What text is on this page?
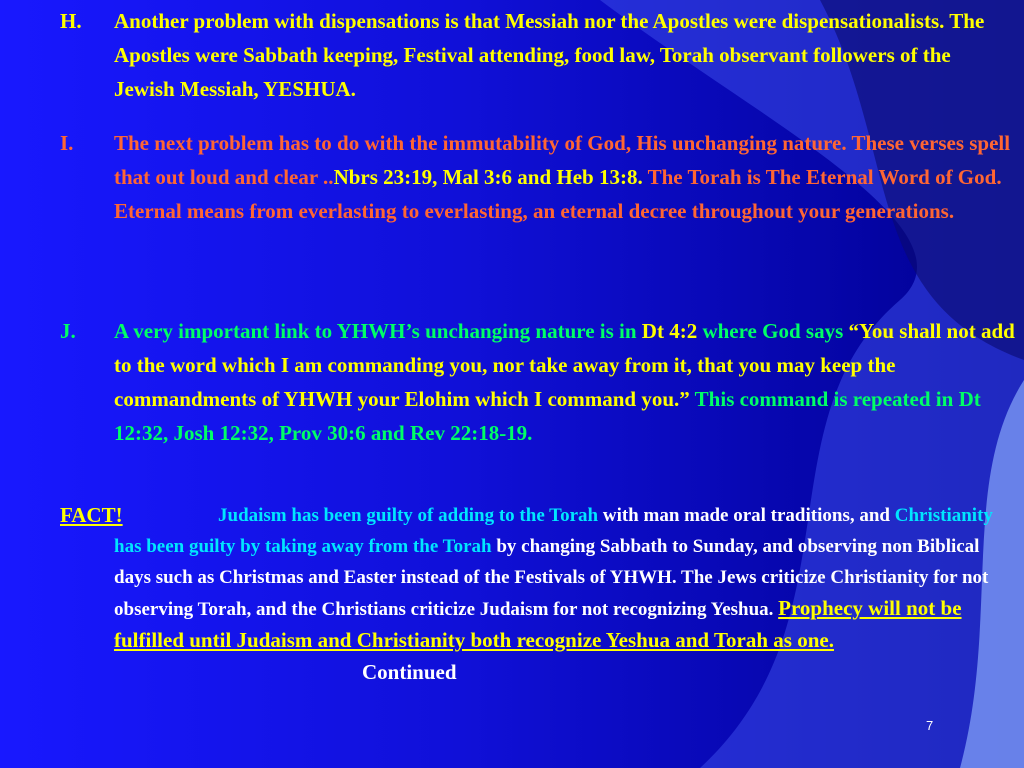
H. Another problem with dispensations is that Messiah nor the Apostles were dispensationalists. The Apostles were Sabbath keeping, Festival attending, food law, Torah observant followers of the Jewish Messiah, YESHUA.
I. The next problem has to do with the immutability of God, His unchanging nature. These verses spell that out loud and clear ..Nbrs 23:19, Mal 3:6 and Heb 13:8. The Torah is The Eternal Word of God. Eternal means from everlasting to everlasting, an eternal decree throughout your generations.
J. A very important link to YHWH’s unchanging nature is in Dt 4:2 where God says “You shall not add to the word which I am commanding you, nor take away from it, that you may keep the commandments of YHWH your Elohim which I command you.” This command is repeated in Dt 12:32, Josh 12:32, Prov 30:6 and Rev 22:18-19.
FACT!	Judaism has been guilty of adding to the Torah with man made oral traditions, and Christianity has been guilty by taking away from the Torah by changing Sabbath to Sunday, and observing non Biblical days such as Christmas and Easter instead of the Festivals of YHWH. The Jews criticize Christianity for not observing Torah, and the Christians criticize Judaism for not recognizing Yeshua. Prophecy will not be fulfilled until Judaism and Christianity both recognize Yeshua and Torah as one. Continued
7
